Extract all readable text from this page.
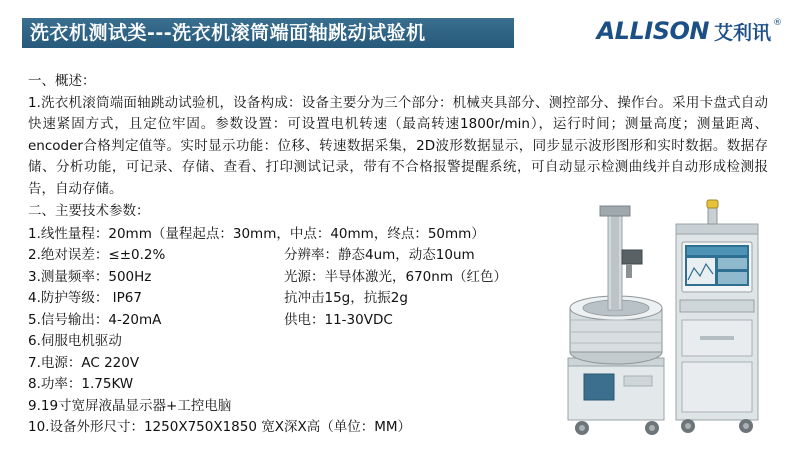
洗衣机测试类---洗衣机滚筒端面轴跳动试验机	ALLISON 艾利讯 ®

一、概述：

1.洗衣机滚筒端面轴跳动试验机，设备构成：设备主要分为三个部分：机械夹具部分、测控部分、操作台。采用卡盘式自动快速紧固方式，且定位牢固。参数设置：可设置电机转速（最高转速1800r/min），运行时间；测量高度；测量距离、encoder合格判定值等。实时显示功能：位移、转速数据采集，2D波形数据显示，同步显示波形图形和实时数据。数据存储、分析功能，可记录、存储、查看、打印测试记录，带有不合格报警提醒系统，可自动显示检测曲线并自动形成检测报告，自动存储。

二、主要技术参数：

1.线性量程：20mm（量程起点：30mm，中点：40mm，终点：50mm）
2.绝对误差：≤±0.2%	分辨率：静态4um，动态10um
3.测量频率：500Hz	光源：半导体激光，670nm（红色）
4.防护等级： IP67	抗冲击15g，抗振2g
5.信号输出：4-20mA	供电：11-30VDC
6.伺服电机驱动
7.电源：AC 220V
8.功率：1.75KW
9.19寸宽屏液晶显示器+工控电脑
10.设备外形尺寸：1250X750X1850 宽X深X高（单位：MM）
